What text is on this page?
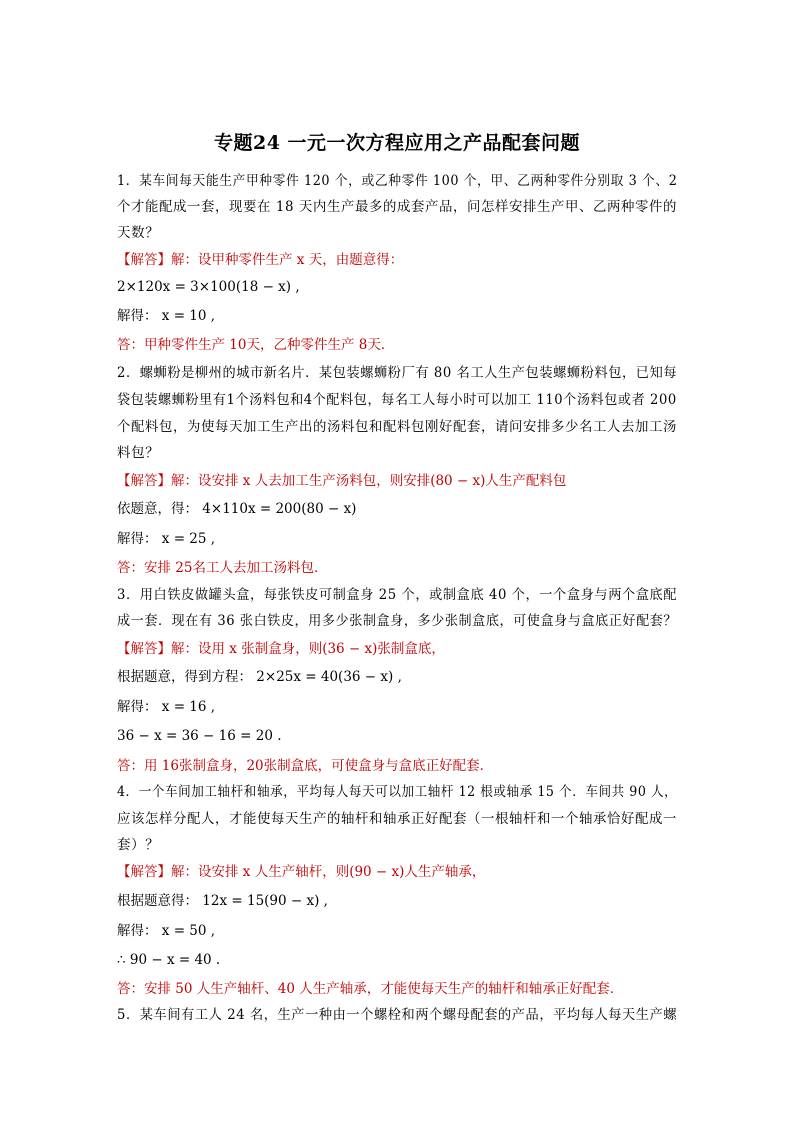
专题24 一元一次方程应用之产品配套问题
1．某车间每天能生产甲种零件 120 个，或乙种零件 100 个，甲、乙两种零件分别取 3 个、2
个才能配成一套，现要在 18 天内生产最多的成套产品，问怎样安排生产甲、乙两种零件的
天数？
【解答】解：设甲种零件生产 x 天，由题意得：
2×120x = 3×100(18 − x) ,
解得： x = 10 ,
答：甲种零件生产 10天，乙种零件生产 8天．
2．螺蛳粉是柳州的城市新名片．某包装螺蛳粉厂有 80 名工人生产包装螺蛳粉料包，已知每
袋包装螺蛳粉里有1个汤料包和4个配料包，每名工人每小时可以加工 110个汤料包或者 200
个配料包，为使每天加工生产出的汤料包和配料包刚好配套，请问安排多少名工人去加工汤
料包？
【解答】解：设安排 x 人去加工生产汤料包，则安排(80 − x)人生产配料包
依题意，得： 4×110x = 200(80 − x)
解得： x = 25 ,
答：安排 25名工人去加工汤料包．
3．用白铁皮做罐头盒，每张铁皮可制盒身 25 个，或制盒底 40 个，一个盒身与两个盒底配
成一套．现在有 36 张白铁皮，用多少张制盒身，多少张制盒底，可使盒身与盒底正好配套？
【解答】解：设用 x 张制盒身，则(36 − x)张制盒底，
根据题意，得到方程： 2×25x = 40(36 − x) ,
解得： x = 16 ,
36 − x = 36 − 16 = 20 .
答：用 16张制盒身，20张制盒底，可使盒身与盒底正好配套．
4．一个车间加工轴杆和轴承，平均每人每天可以加工轴杆 12 根或轴承 15 个．车间共 90 人，
应该怎样分配人，才能使每天生产的轴杆和轴承正好配套（一根轴杆和一个轴承恰好配成一
套）？
【解答】解：设安排 x 人生产轴杆，则(90 − x)人生产轴承，
根据题意得： 12x = 15(90 − x) ,
解得： x = 50 ,
∴ 90 − x = 40 .
答：安排 50 人生产轴杆、40 人生产轴承，才能使每天生产的轴杆和轴承正好配套．
5．某车间有工人 24 名，生产一种由一个螺栓和两个螺母配套的产品，平均每人每天生产螺
